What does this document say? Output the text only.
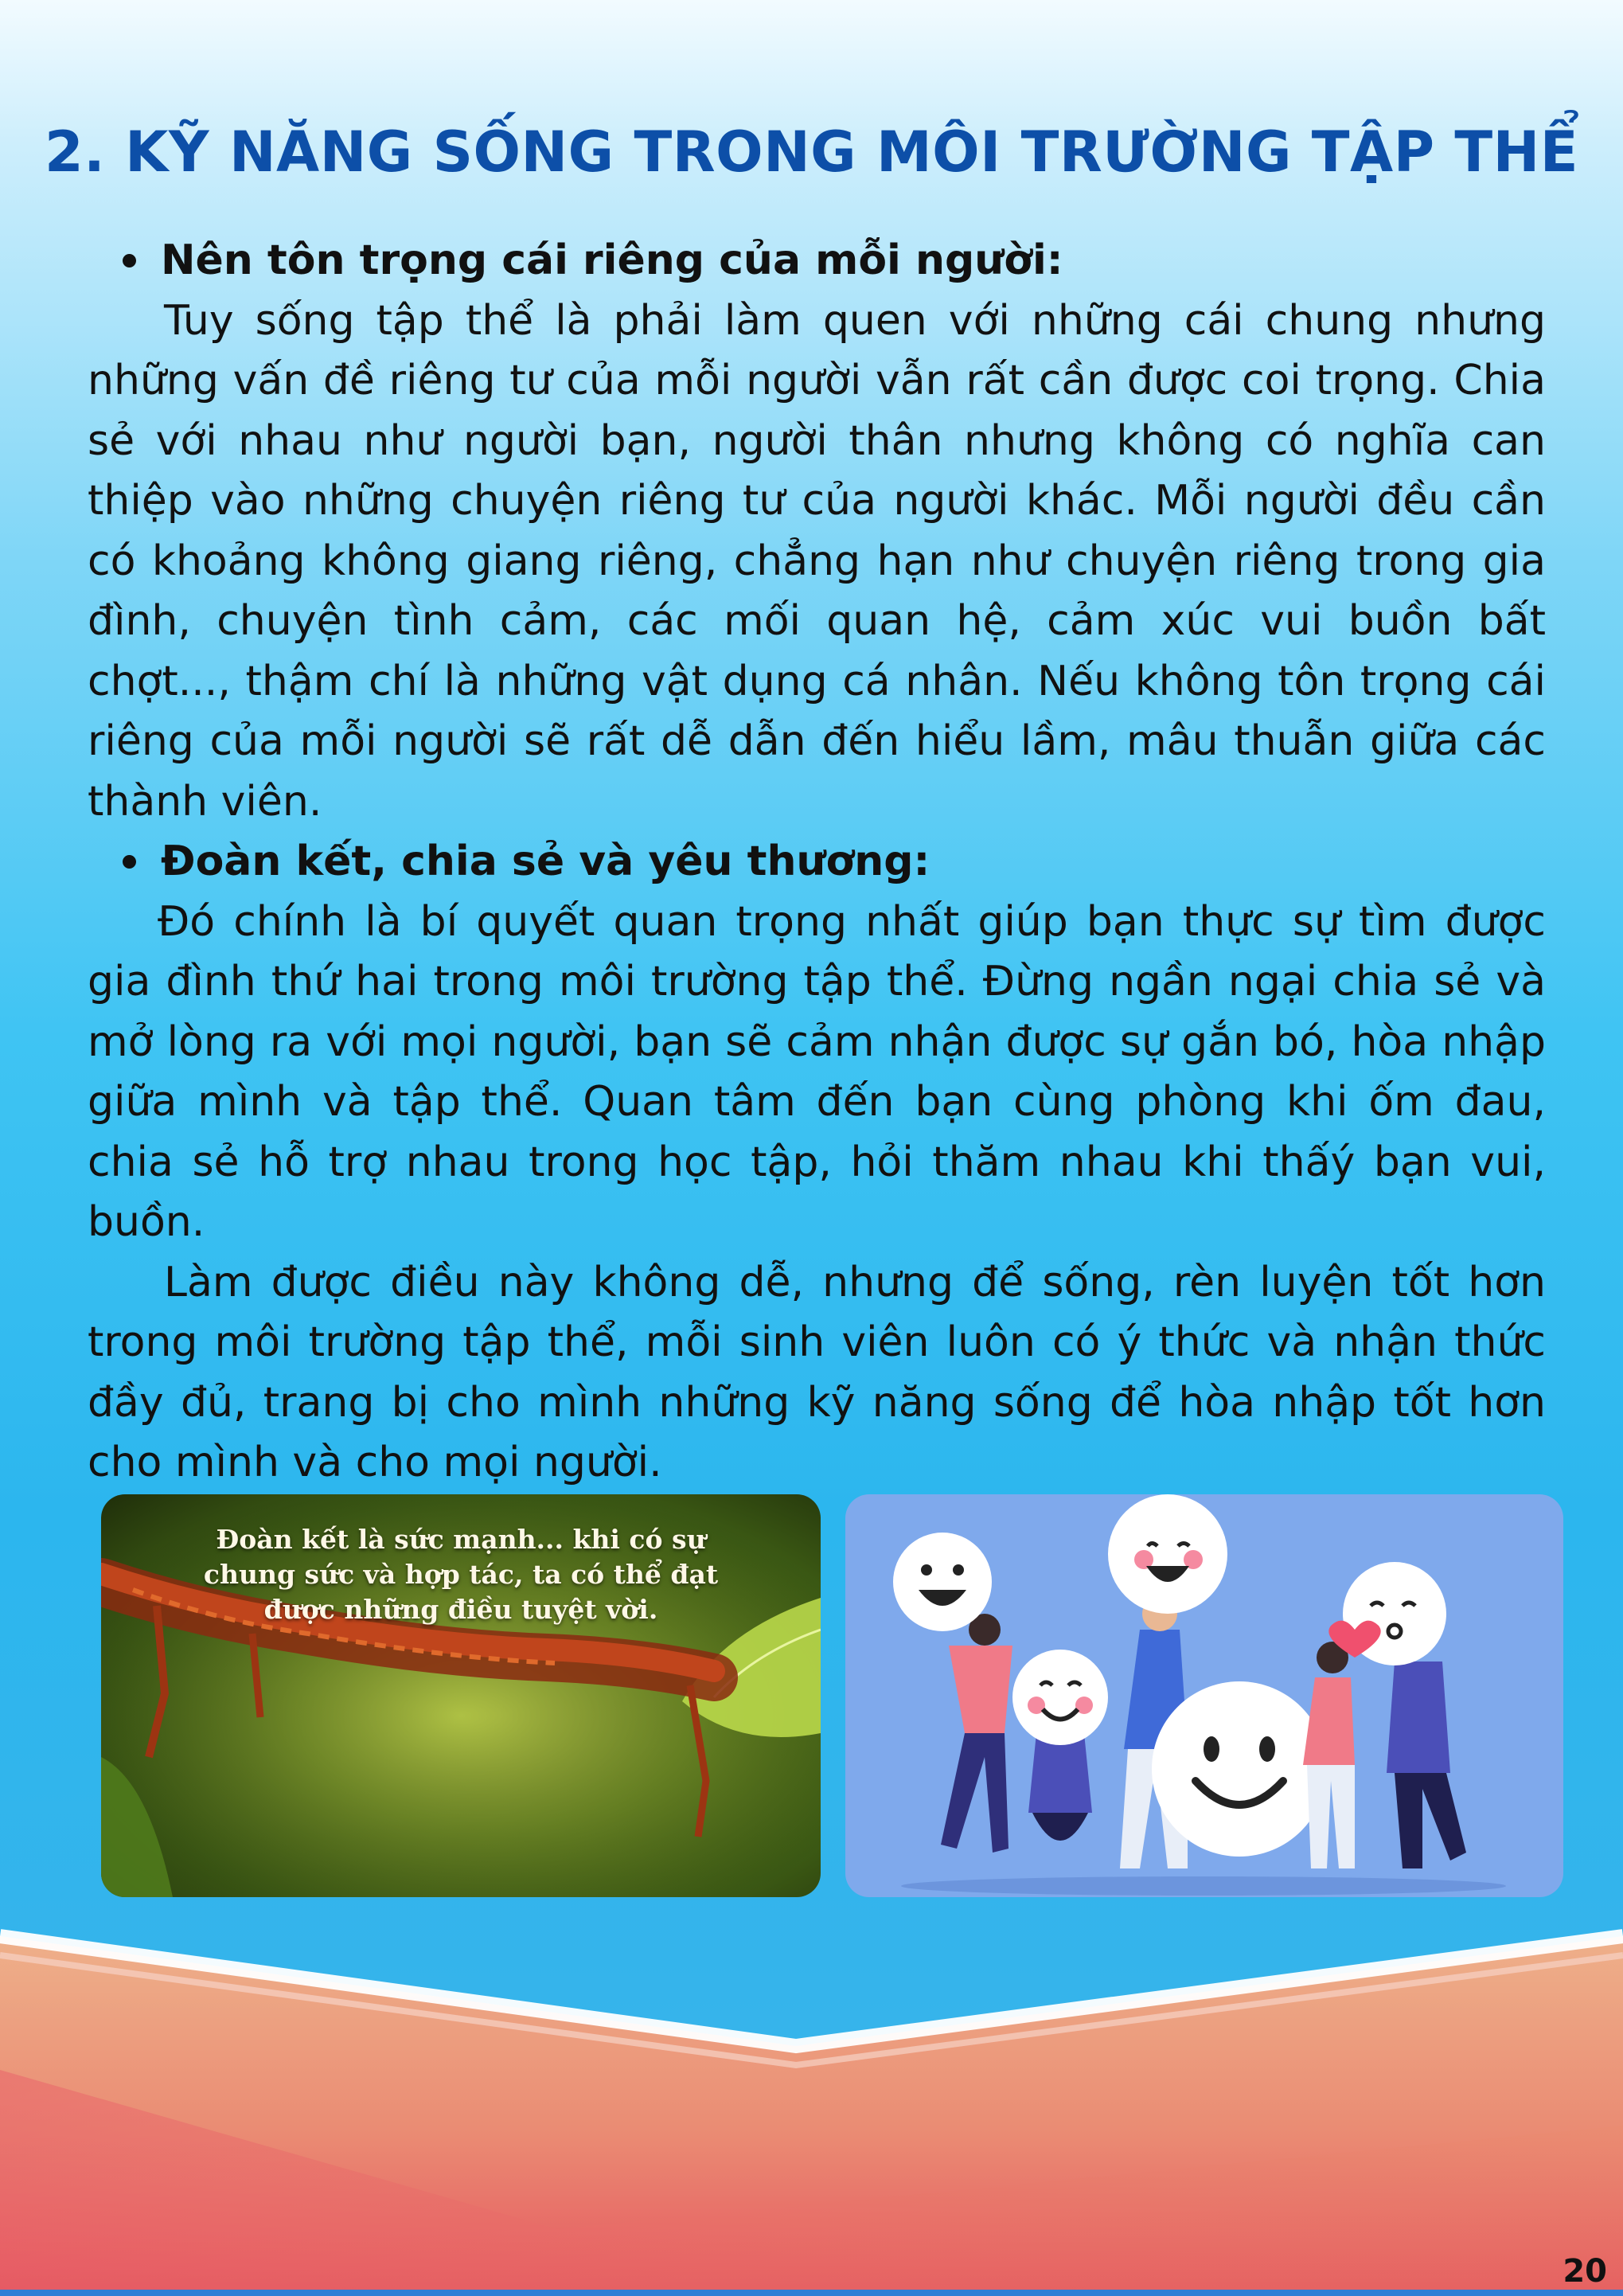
2. KỸ NĂNG SỐNG TRONG MÔI TRƯỜNG TẬP THỂ
Nên tôn trọng cái riêng của mỗi người:

Tuy sống tập thể là phải làm quen với những cái chung nhưng những vấn đề riêng tư của mỗi người vẫn rất cần được coi trọng. Chia sẻ với nhau như người bạn, người thân nhưng không có nghĩa can thiệp vào những chuyện riêng tư của người khác. Mỗi người đều cần có khoảng không giang riêng, chẳng hạn như chuyện riêng trong gia đình, chuyện tình cảm, các mối quan hệ, cảm xúc vui buồn bất chợt..., thậm chí là những vật dụng cá nhân. Nếu không tôn trọng cái riêng của mỗi người sẽ rất dễ dẫn đến hiểu lầm, mâu thuẫn giữa các thành viên.

Đoàn kết, chia sẻ và yêu thương:

Đó chính là bí quyết quan trọng nhất giúp bạn thực sự tìm được gia đình thứ hai trong môi trường tập thể. Đừng ngần ngại chia sẻ và mở lòng ra với mọi người, bạn sẽ cảm nhận được sự gắn bó, hòa nhập giữa mình và tập thể. Quan tâm đến bạn cùng phòng khi ốm đau, chia sẻ hỗ trợ nhau trong học tập, hỏi thăm nhau khi thấý bạn vui, buồn.

Làm được điều này không dễ, nhưng để sống, rèn luyện tốt hơn trong môi trường tập thể, mỗi sinh viên luôn có ý thức và nhận thức đầy đủ, trang bị cho mình những kỹ năng sống để hòa nhập tốt hơn cho mình và cho mọi người.

Đoàn kết là sức mạnh... khi có sự
chung sức và hợp tác, ta có thể đạt
được những điều tuyệt vời.
20
